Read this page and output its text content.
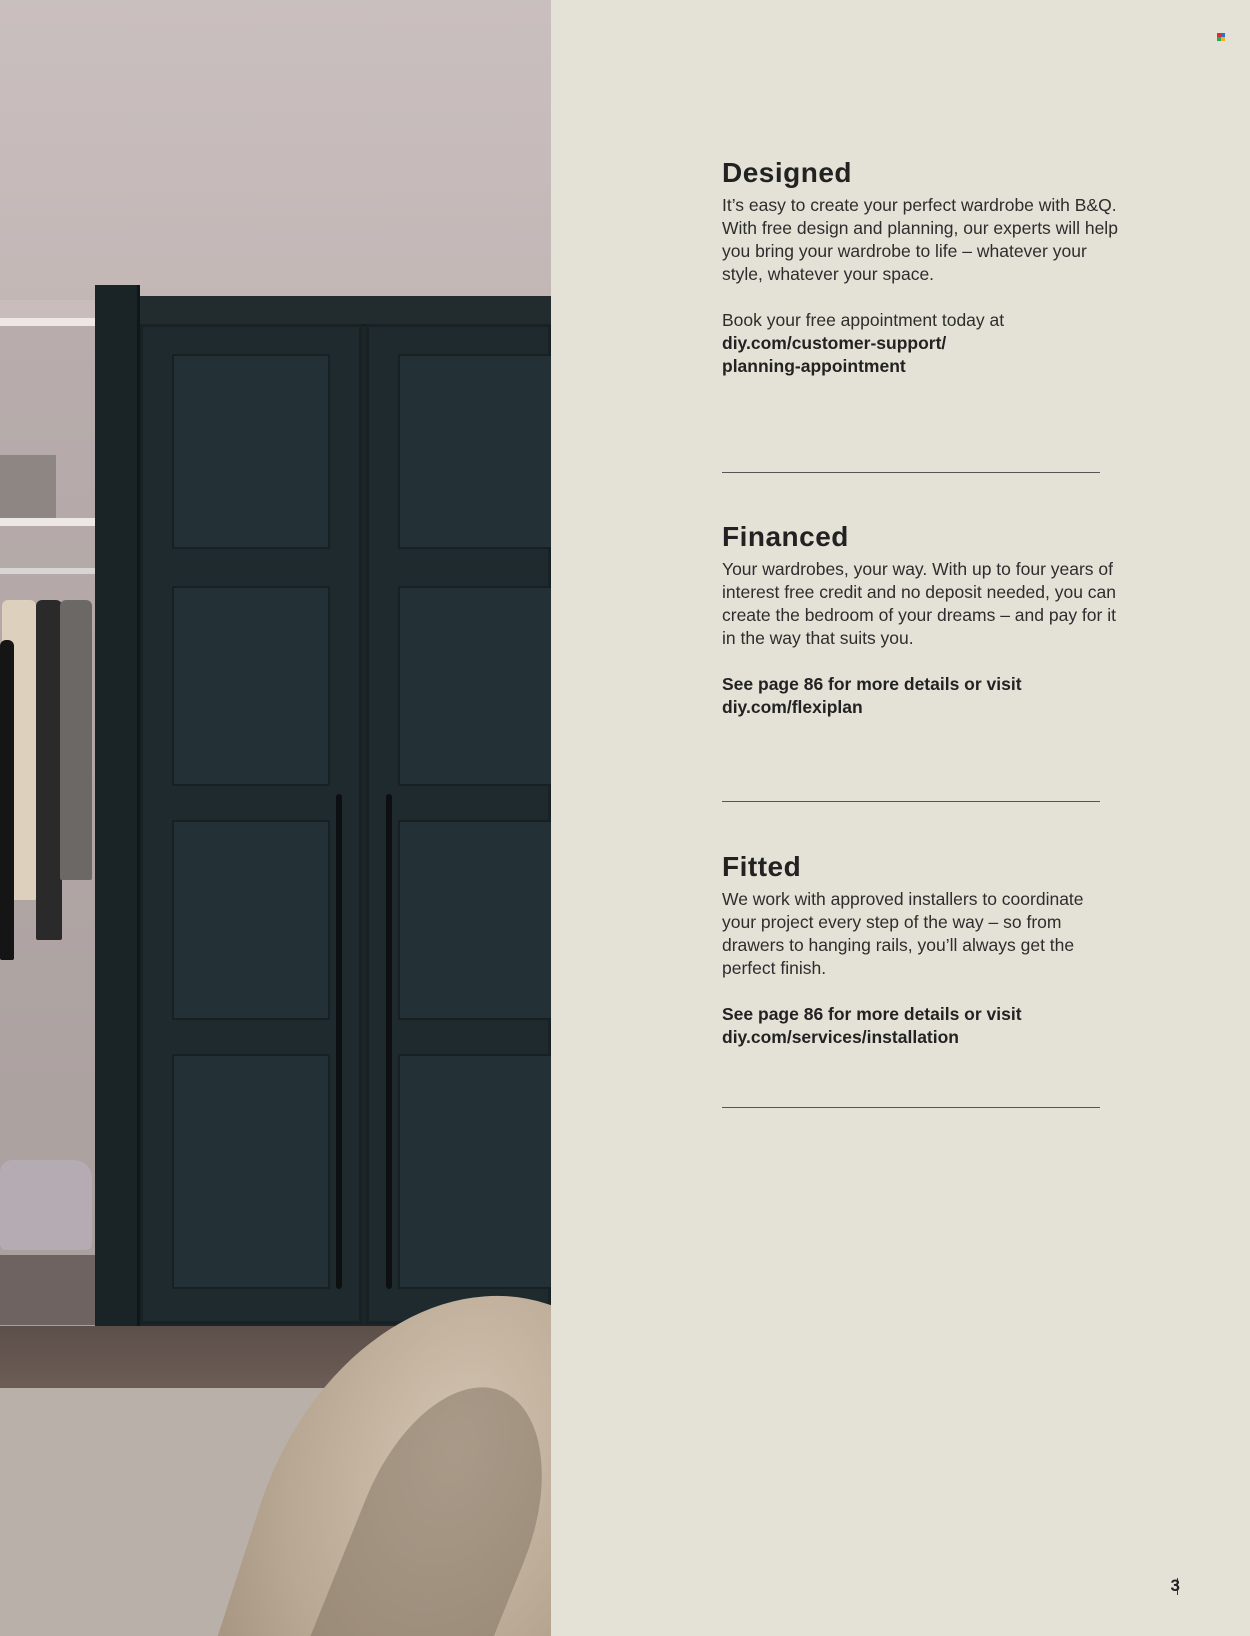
Designed

It’s easy to create your perfect wardrobe with B&Q. With free design and planning, our experts will help you bring your wardrobe to life – whatever your style, whatever your space.

Book your free appointment today at

diy.com/customer-support/

planning-appointment

Financed

Your wardrobes, your way. With up to four years of interest free credit and no deposit needed, you can create the bedroom of your dreams – and pay for it in the way that suits you.

See page 86 for more details or visit

diy.com/flexiplan

Fitted

We work with approved installers to coordinate your project every step of the way – so from drawers to hanging rails, you’ll always get the perfect finish.

See page 86 for more details or visit

diy.com/services/installation

3
